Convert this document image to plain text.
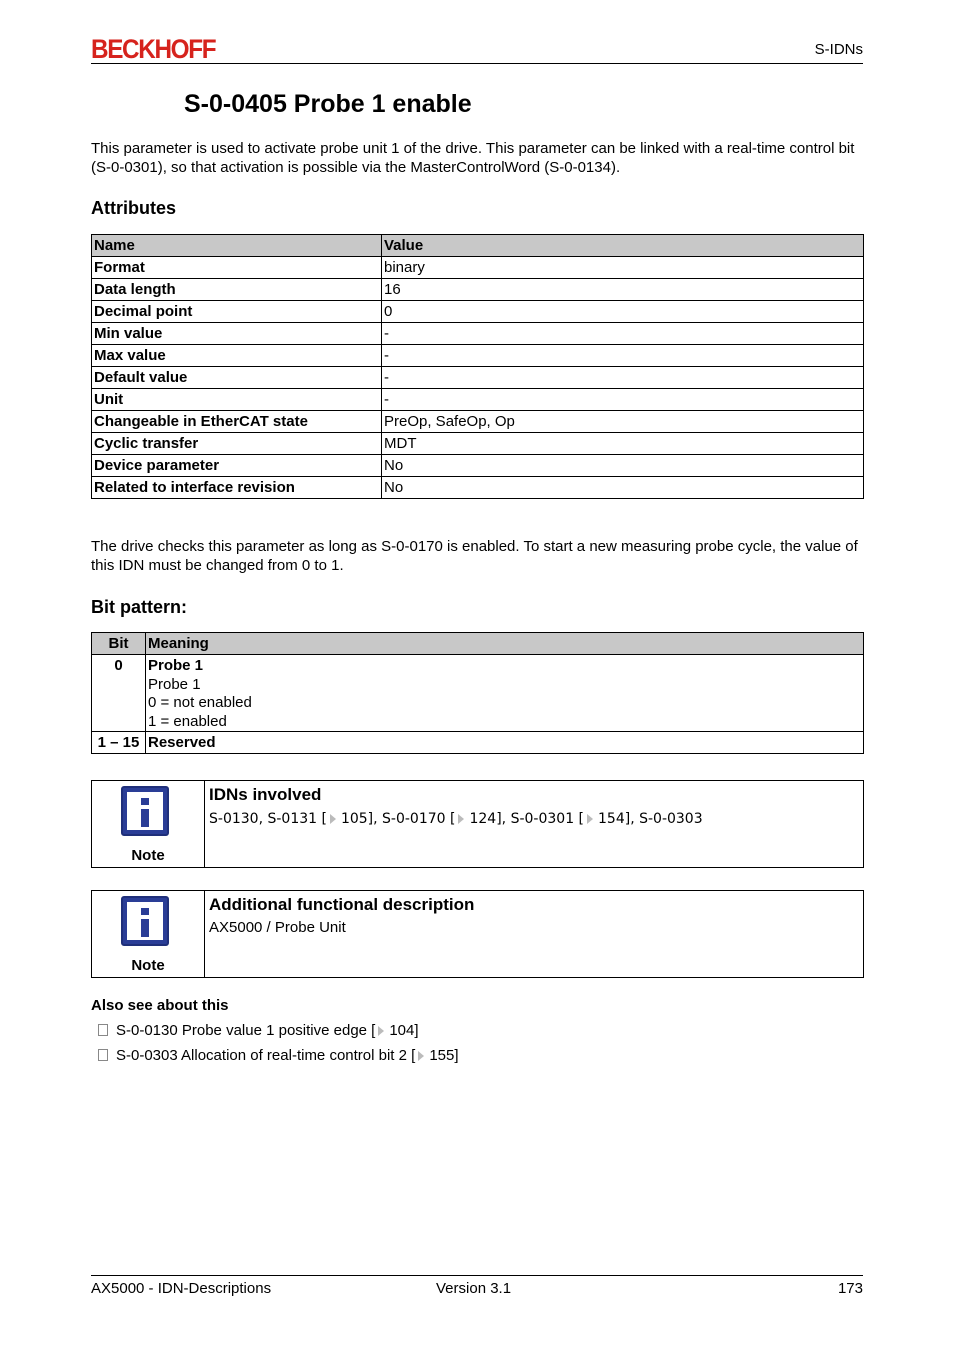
BECKHOFF	S-IDNs
S-0-0405 Probe 1 enable

This parameter is used to activate probe unit 1 of the drive. This parameter can be linked with a real-time control bit (S-0-0301), so that activation is possible via the MasterControlWord (S-0-0134).

Attributes
Name	Value
Format	binary
Data length	16
Decimal point	0
Min value	-
Max value	-
Default value	-
Unit	-
Changeable in EtherCAT state	PreOp, SafeOp, Op
Cyclic transfer	MDT
Device parameter	No
Related to interface revision	No

The drive checks this parameter as long as S-0-0170 is enabled. To start a new measuring probe cycle, the value of this IDN must be changed from 0 to 1.

Bit pattern:
Bit	Meaning
0	Probe 1
Probe 1
0 = not enabled
1 = enabled

1 – 15	Reserved
Note
IDNs involved
S-0130, S-0131 [ 105], S-0-0170 [ 124], S-0-0301 [ 154], S-0-0303
Note
Additional functional description
AX5000 / Probe Unit
Also see about this
S-0-0130 Probe value 1 positive edge [ 104]
S-0-0303 Allocation of real-time control bit 2 [ 155]
AX5000 - IDN-Descriptions	Version 3.1	173
